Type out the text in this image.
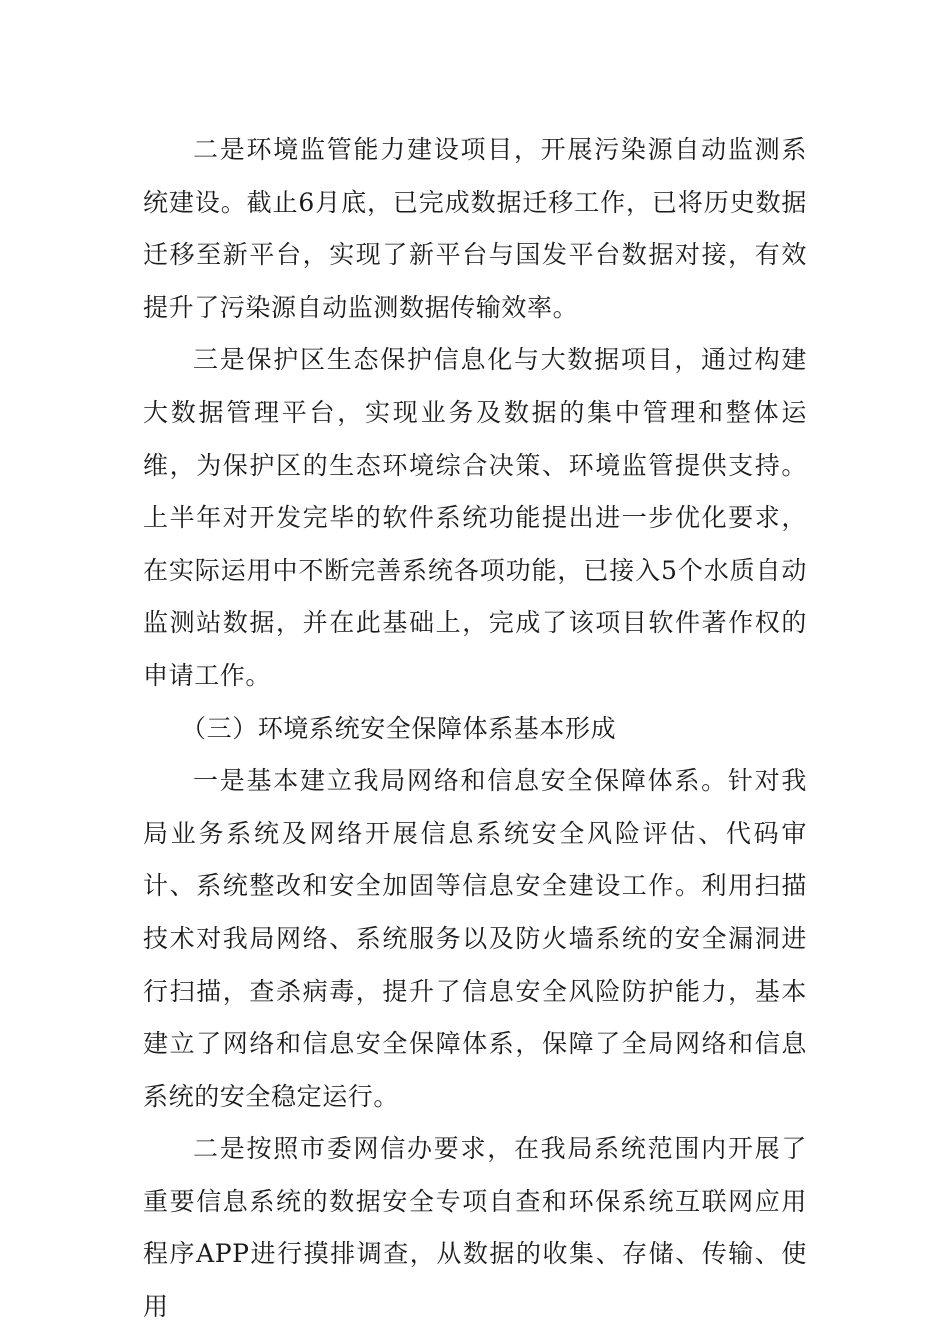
二是环境监管能力建设项目，开展污染源自动监测系统建设。截止6月底，已完成数据迁移工作，已将历史数据迁移至新平台，实现了新平台与国发平台数据对接，有效提升了污染源自动监测数据传输效率。

三是保护区生态保护信息化与大数据项目，通过构建大数据管理平台，实现业务及数据的集中管理和整体运维，为保护区的生态环境综合决策、环境监管提供支持。上半年对开发完毕的软件系统功能提出进一步优化要求，在实际运用中不断完善系统各项功能，已接入5个水质自动监测站数据，并在此基础上，完成了该项目软件著作权的申请工作。

（三）环境系统安全保障体系基本形成

一是基本建立我局网络和信息安全保障体系。针对我局业务系统及网络开展信息系统安全风险评估、代码审计、系统整改和安全加固等信息安全建设工作。利用扫描技术对我局网络、系统服务以及防火墙系统的安全漏洞进行扫描，查杀病毒，提升了信息安全风险防护能力，基本建立了网络和信息安全保障体系，保障了全局网络和信息系统的安全稳定运行。

二是按照市委网信办要求，在我局系统范围内开展了重要信息系统的数据安全专项自查和环保系统互联网应用程序APP进行摸排调查，从数据的收集、存储、传输、使用
